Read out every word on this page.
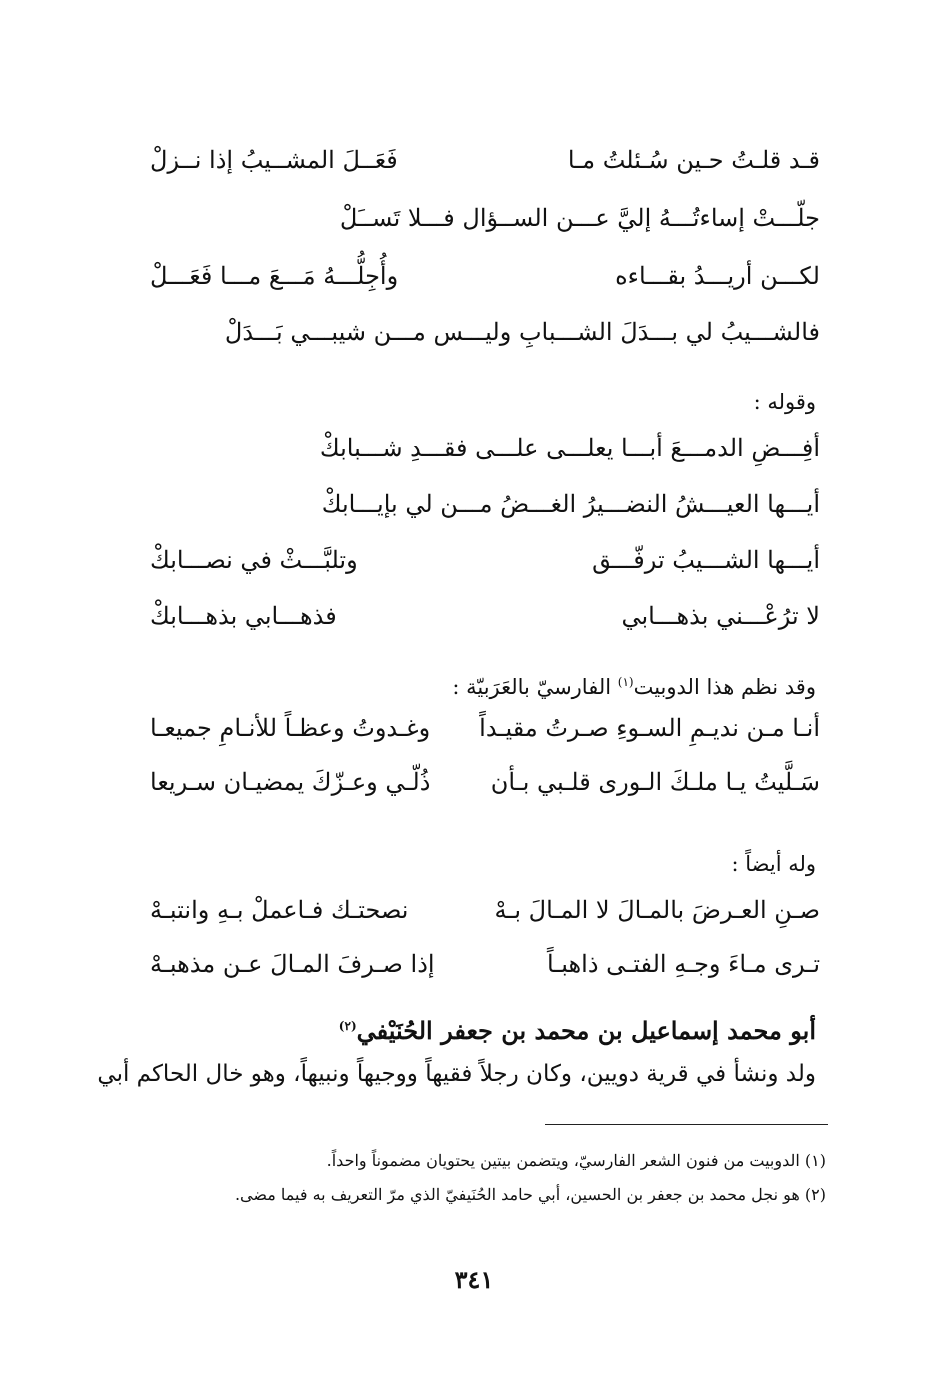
قـد قلـتُ حـين سُـئلتُ مـا
فَعَــلَ المشــيبُ إذا نــزلْ
جلّـــتْ إساءتُـــهُ إليَّ عـــن الســؤال فـــلا تَســَلْ
لكـــن أريـــدُ بقـــاءه
وأُجِلُّـــهُ مَـــعَ مـــا فَعَـــلْ
فالشـــيبُ لي بـــدَلَ الشـــبابِ وليـــس مـــن شيبـــي بَـــدَلْ
وقوله :
أفِـــضِ الدمـــعَ أبـــا يعلـــى علـــى فقـــدِ شـــبابكْ
أيـــها العيـــشُ النضـــيرُ الغـــضُ مـــن لي بإيـــابكْ
أيـــها الشـــيبُ ترفّـــق
وتلبَّـــثْ في نصـــابكْ
لا ترُعْـــني بذهـــابي
فذهـــابي بذهـــابكْ
وقد نظم هذا الدوبيت$^{(١)}$ الفارسيّ بالعَرَبيّة :
أنـا مـن نديـمِ السـوءِ صـرتُ مقيـداً
وغـدوتُ وعظـاً للأنـامِ جميعـا
سَـلَّيتُ يـا ملـكَ الـورى قلـبي بـأن
ذُلّـي وعـزّكَ يمضيـان سـريعا
وله أيضاً :
صـنِ العـرضَ بالمـالَ لا المـالَ بـهْ
نصحتـك فـاعملْ بـهِ وانتبـهْ
تـرى مـاءَ وجـهِ الفتـى ذاهبـاً
إذا صـرفَ المـالَ عـن مذهبـهْ
أبو محمد إسماعيل بن محمد بن جعفر الحُنَيْفي$^{(٢)}$
ولد ونشأ في قرية دويين، وكان رجلاً فقيهاً ووجيهاً ونبيهاً، وهو خال الحاكم أبي
(١) الدوبيت من فنون الشعر الفارسيّ، ويتضمن بيتين يحتويان مضموناً واحداً.
(٢) هو نجل محمد بن جعفر بن الحسين، أبي حامد الحُنَيفيّ الذي مرّ التعريف به فيما مضى.
٣٤١
